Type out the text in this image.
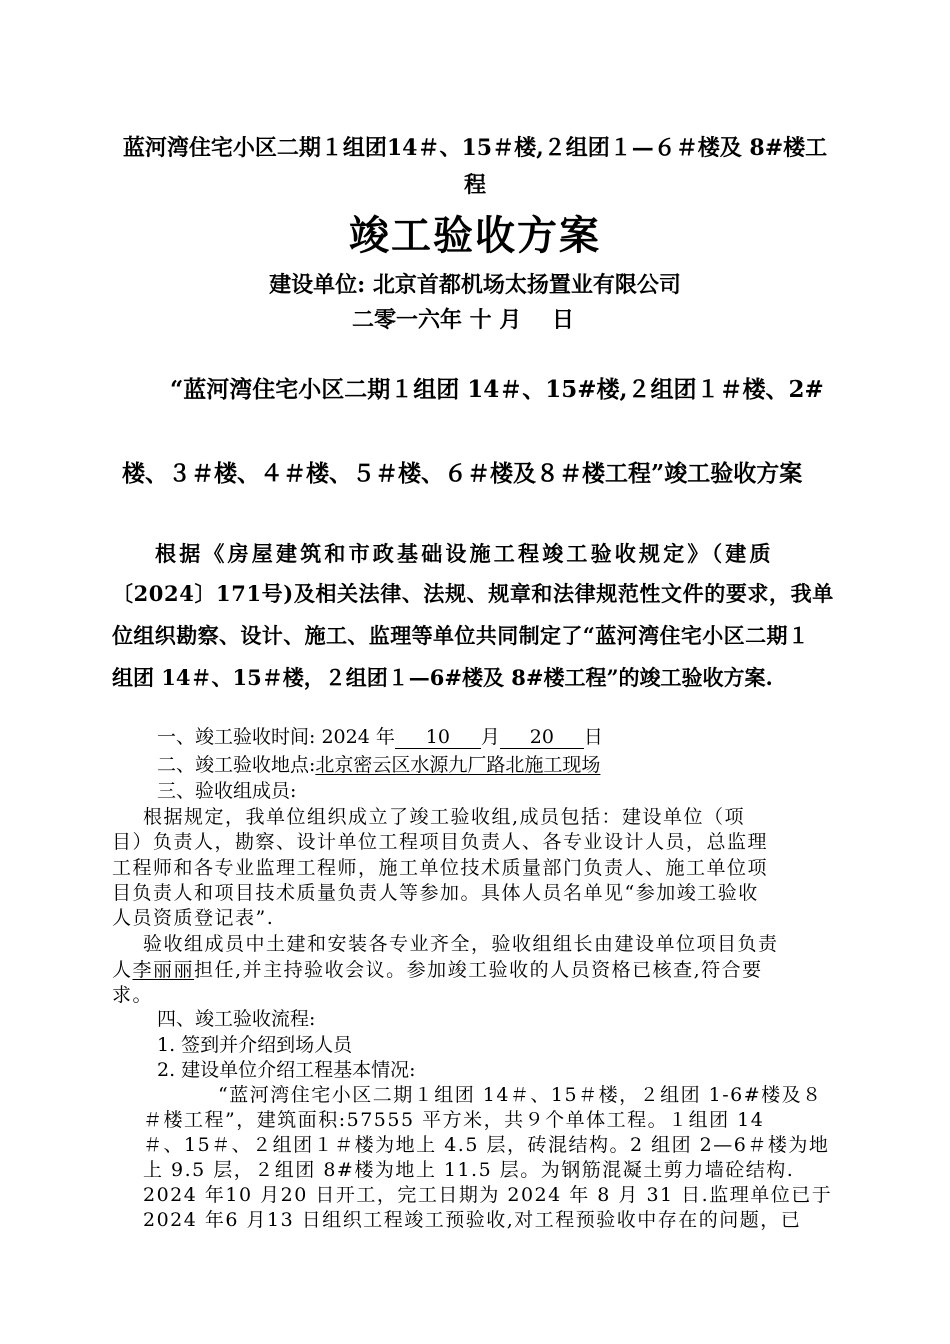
蓝河湾住宅小区二期１组团14＃、15＃楼,２组团１—６＃楼及 8#楼工
程
竣工验收方案
建设单位: 北京首都机场太扬置业有限公司
二零一六年 十 月    日
“蓝河湾住宅小区二期１组团 14＃、15#楼,２组团１＃楼、2#
楼、３＃楼、４＃楼、５＃楼、６＃楼及８＃楼工程”竣工验收方案
根据《房屋建筑和市政基础设施工程竣工验收规定》（建质
〔2024〕171号)及相关法律、法规、规章和法律规范性文件的要求，我单
位组织勘察、设计、施工、监理等单位共同制定了“蓝河湾住宅小区二期１
组团 14＃、15＃楼，２组团１—6#楼及 8#楼工程”的竣工验收方案.
一、竣工验收时间: 2024 年 10 月 20 日
二、竣工验收地点:北京密云区水源九厂路北施工现场
三、验收组成员:
根据规定，我单位组织成立了竣工验收组,成员包括：建设单位（项
目）负责人，勘察、设计单位工程项目负责人、各专业设计人员，总监理
工程师和各专业监理工程师，施工单位技术质量部门负责人、施工单位项
目负责人和项目技术质量负责人等参加。具体人员名单见“参加竣工验收
人员资质登记表”.
验收组成员中土建和安装各专业齐全，验收组组长由建设单位项目负责
人李丽丽担任,并主持验收会议。参加竣工验收的人员资格已核查,符合要
求。
四、竣工验收流程:
1. 签到并介绍到场人员
2. 建设单位介绍工程基本情况:
“蓝河湾住宅小区二期１组团 14＃、15＃楼，２组团 1-6#楼及８
＃楼工程”，建筑面积:57555 平方米，共９个单体工程。１组团 14
＃、15＃、２组团１＃楼为地上 4.5 层，砖混结构。2 组团 2—6＃楼为地
上 9.5 层，２组团 8#楼为地上 11.5 层。为钢筋混凝土剪力墙砼结构.
2024 年10 月20 日开工，完工日期为 2024 年 8 月 31 日.监理单位已于
2024 年6 月13 日组织工程竣工预验收,对工程预验收中存在的问题，已
